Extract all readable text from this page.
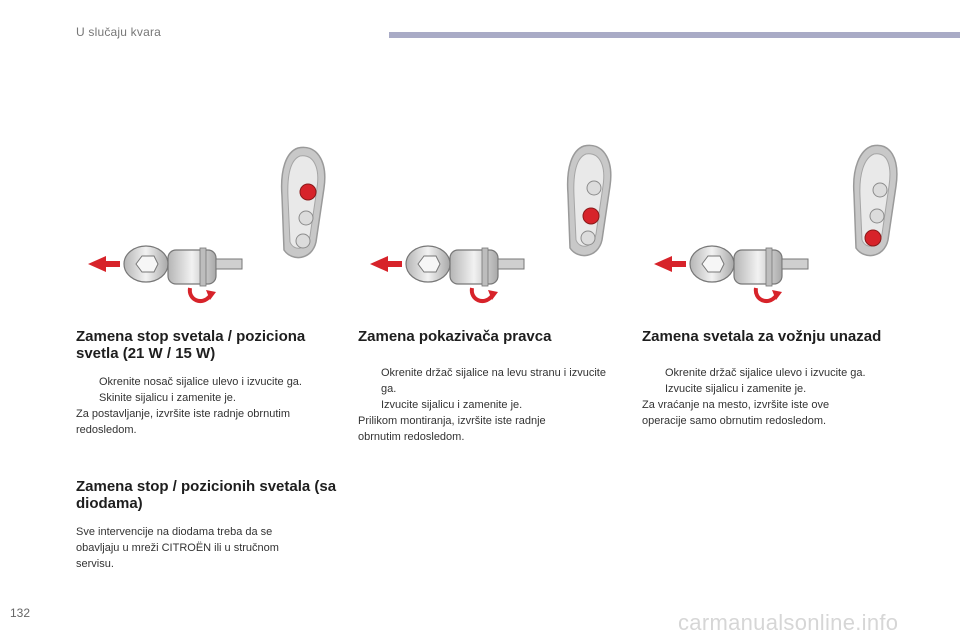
U slučaju kvara
Zamena stop svetala / poziciona svetla (21 W / 15 W)
Okrenite nosač sijalice ulevo i izvucite ga.
Skinite sijalicu i zamenite je.

Za postavljanje, izvršite iste radnje obrnutim redosledom.

Zamena stop / pozicionih svetala (sa diodama)

Sve intervencije na diodama treba da se obavljaju u mreži CITROËN ili u stručnom servisu.

Zamena pokazivača pravca
Okrenite držač sijalice na levu stranu i izvucite ga.
Izvucite sijalicu i zamenite je.

Prilikom montiranja, izvršite iste radnje obrnutim redosledom.

Zamena svetala za vožnju unazad
Okrenite držač sijalice ulevo i izvucite ga.
Izvucite sijalicu i zamenite je.

Za vraćanje na mesto, izvršite iste ove operacije samo obrnutim redosledom.

132	carmanualsonline.info
